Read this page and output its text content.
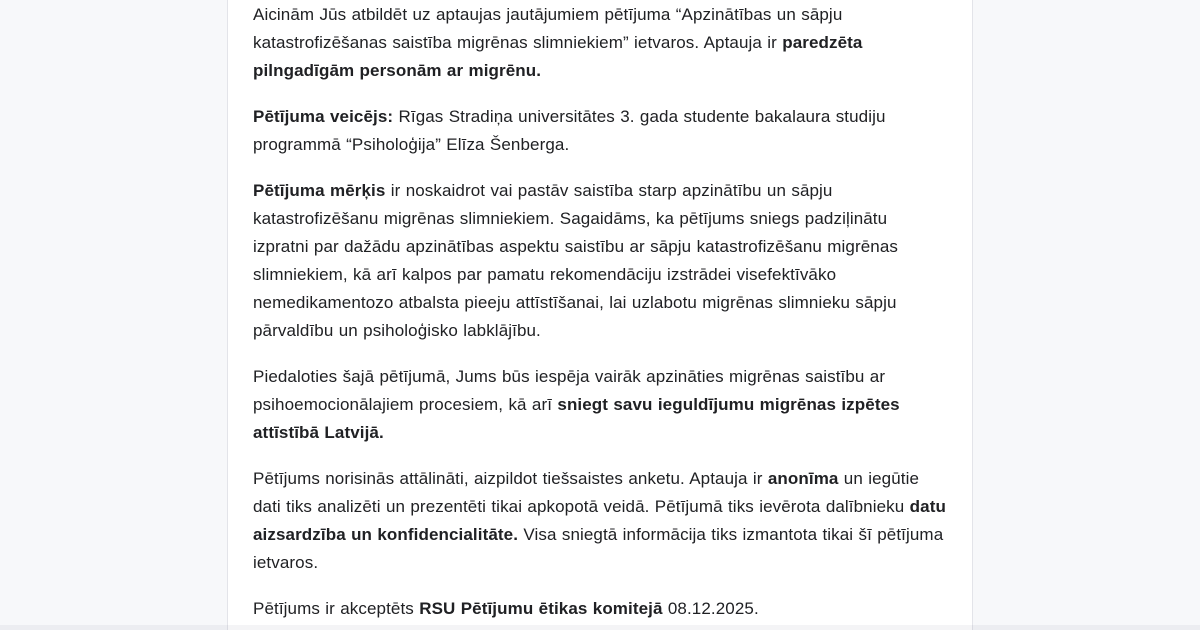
Aicinām Jūs atbildēt uz aptaujas jautājumiem pētījuma “Apzinātības un sāpju katastrofizēšanas saistība migrēnas slimniekiem” ietvaros. Aptauja ir paredzēta pilngadīgām personām ar migrēnu.

Pētījuma veicējs: Rīgas Stradiņa universitātes 3. gada studente bakalaura studiju programmā “Psiholoģija” Elīza Šenberga.

Pētījuma mērķis ir noskaidrot vai pastāv saistība starp apzinātību un sāpju katastrofizēšanu migrēnas slimniekiem. Sagaidāms, ka pētījums sniegs padziļinātu izpratni par dažādu apzinātības aspektu saistību ar sāpju katastrofizēšanu migrēnas slimniekiem, kā arī kalpos par pamatu rekomendāciju izstrādei visefektīvāko nemedikamentozo atbalsta pieeju attīstīšanai, lai uzlabotu migrēnas slimnieku sāpju pārvaldību un psiholoģisko labklājību.

Piedaloties šajā pētījumā, Jums būs iespēja vairāk apzināties migrēnas saistību ar psihoemocionālajiem procesiem, kā arī sniegt savu ieguldījumu migrēnas izpētes attīstībā Latvijā.

Pētījums norisinās attālināti, aizpildot tiešsaistes anketu. Aptauja ir anonīma un iegūtie dati tiks analizēti un prezentēti tikai apkopotā veidā. Pētījumā tiks ievērota dalībnieku datu aizsardzība un konfidencialitāte. Visa sniegtā informācija tiks izmantota tikai šī pētījuma ietvaros.

Pētījums ir akceptēts RSU Pētījumu ētikas komitejā 08.12.2025.
